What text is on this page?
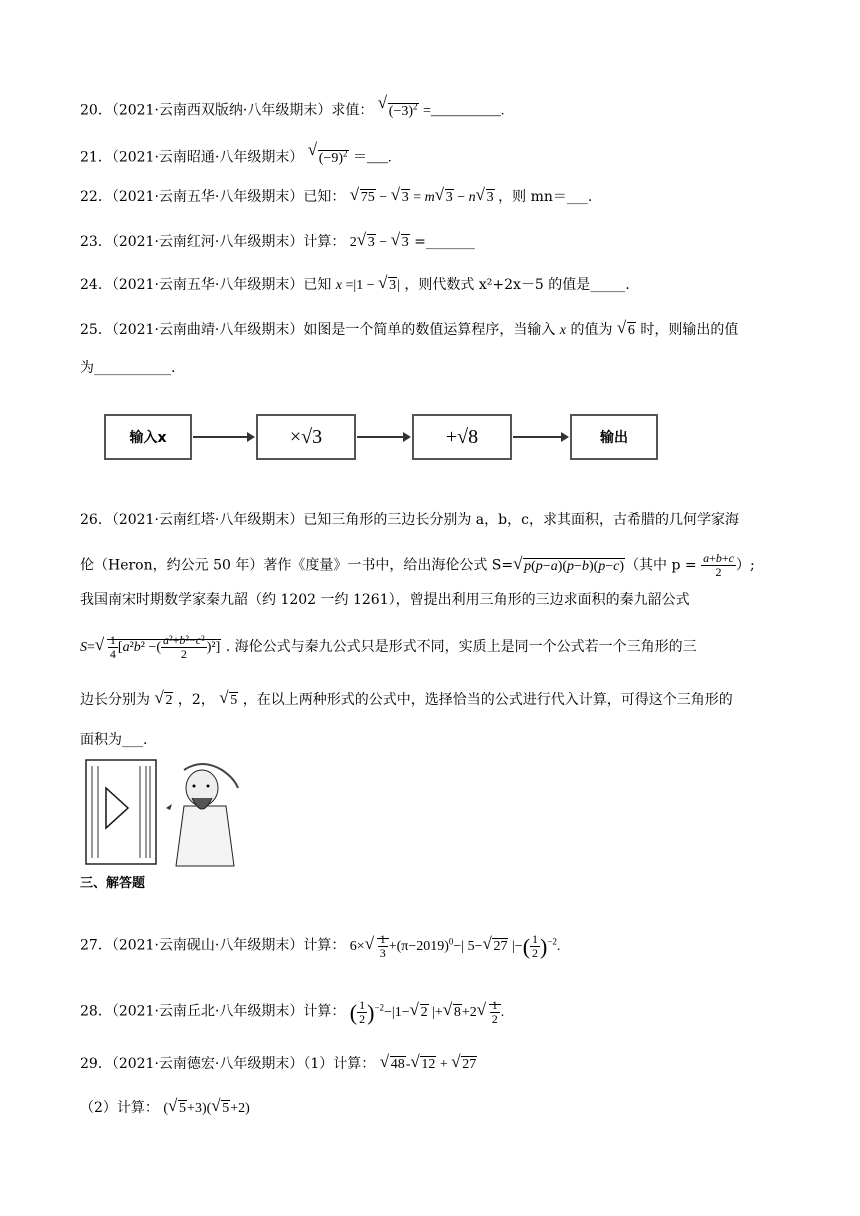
20．（2021·云南西双版纳·八年级期末）求值： √ $(-3)^2$ =__________.
21．（2021·云南昭通·八年级期末） √ $(-9)^2$ ＝___.
22．（2021·云南五华·八年级期末）已知： √ 75 − √ 3 = m√ 3 − n√ 3 ，则 mn＝___.
23．（2021·云南红河·八年级期末）计算： 2√ 3 − √ 3 =_______
24．（2021·云南五华·八年级期末）已知 x =|1 − √ 3| ，则代数式 x²+2x－5 的值是_____.
25．（2021·云南曲靖·八年级期末）如图是一个简单的数值运算程序，当输入 x 的值为 √ 6 时，则输出的值
为___________.
输入x	×√3	+√8	输出
26．（2021·云南红塔·八年级期末）已知三角形的三边长分别为 a，b，c，求其面积，古希腊的几何学家海
伦（Heron，约公元 50 年）著作《度量》一书中，给出海伦公式 S=√ p(p−a)(p−b)(p−c)（其中 $p = \frac{a+b+c}{2}$ ）;
我国南宋时期数学家秦九韶（约 1202 一约 1261），曾提出利用三角形的三边求面积的秦九韶公式
S=
√ $\frac{1}{4} [a^2b^2$ −( $\frac{\text{a²+b²−c²}}{2} )^2$] . 海伦公式与秦九公式只是形式不同，实质上是同一个公式若一个三角形的三
边长分别为 √ 2 ，2， √ 5 ，在以上两种形式的公式中，选择恰当的公式进行代入计算，可得这个三角形的
面积为___.
三、解答题
27．（2021·云南砚山·八年级期末）计算： 6×
√ $\frac{1}{3} +(\pi-2019)^0-|$ 5−√ 27 |−( $\frac{1}{2} )^{-2}$.
28．（2021·云南丘北·八年级期末）计算： ( $\frac{1}{2} )^{-2}-|1-√$ 2 |+√ 8+2
√ $\frac{1}{2}$ .
29．（2021·云南德宏·八年级期末）（1）计算： √ 48-√ 12 + √ 27
（2）计算： (√ 5+3)(√ 5+2)
